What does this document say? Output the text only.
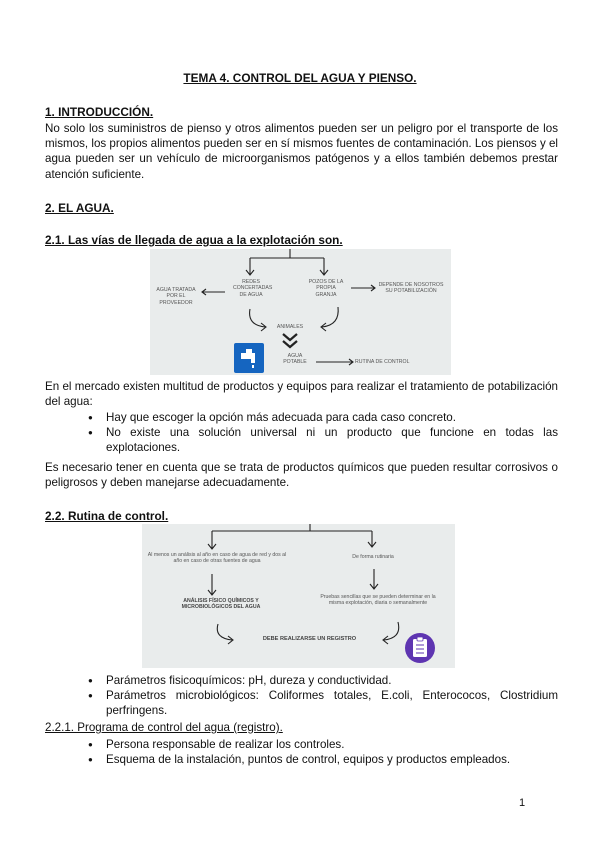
TEMA 4. CONTROL DEL AGUA Y PIENSO.
1. INTRODUCCIÓN.
No solo los suministros de pienso y otros alimentos pueden ser un peligro por el transporte de los mismos, los propios alimentos pueden ser en sí mismos fuentes de contaminación. Los piensos y el agua pueden ser un vehículo de microorganismos patógenos y a ellos también debemos prestar atención suficiente.
2. EL AGUA.
2.1. Las vías de llegada de agua a la explotación son.
REDES CONCERTADAS DE AGUA
POZOS DE LA PROPIA GRANJA
AGUA TRATADA POR EL PROVEEDOR
DEPENDE DE NOSOTROS SU POTABILIZACIÓN
ANIMALES
AGUA POTABLE	RUTINA DE CONTROL
En el mercado existen multitud de productos y equipos para realizar el tratamiento de potabilización del agua:
● Hay que escoger la opción más adecuada para cada caso concreto.
● No existe una solución universal ni un producto que funcione en todas las explotaciones.
Es necesario tener en cuenta que se trata de productos químicos que pueden resultar corrosivos o peligrosos y deben manejarse adecuadamente.
2.2. Rutina de control.
Al menos un análisis al año en caso de agua de red y dos al año en caso de otras fuentes de agua
De forma rutinaria
ANÁLISIS FÍSICO QUÍMICOS Y MICROBIOLÓGICOS DEL AGUA
Pruebas sencillas que se pueden determinar en la misma explotación, diaria o semanalmente
DEBE REALIZARSE UN REGISTRO
● Parámetros fisicoquímicos: pH, dureza y conductividad.
● Parámetros microbiológicos: Coliformes totales, E.coli, Enterococos, Clostridium perfringens.
2.2.1. Programa de control del agua (registro).
● Persona responsable de realizar los controles.
● Esquema de la instalación, puntos de control, equipos y productos empleados.
1
